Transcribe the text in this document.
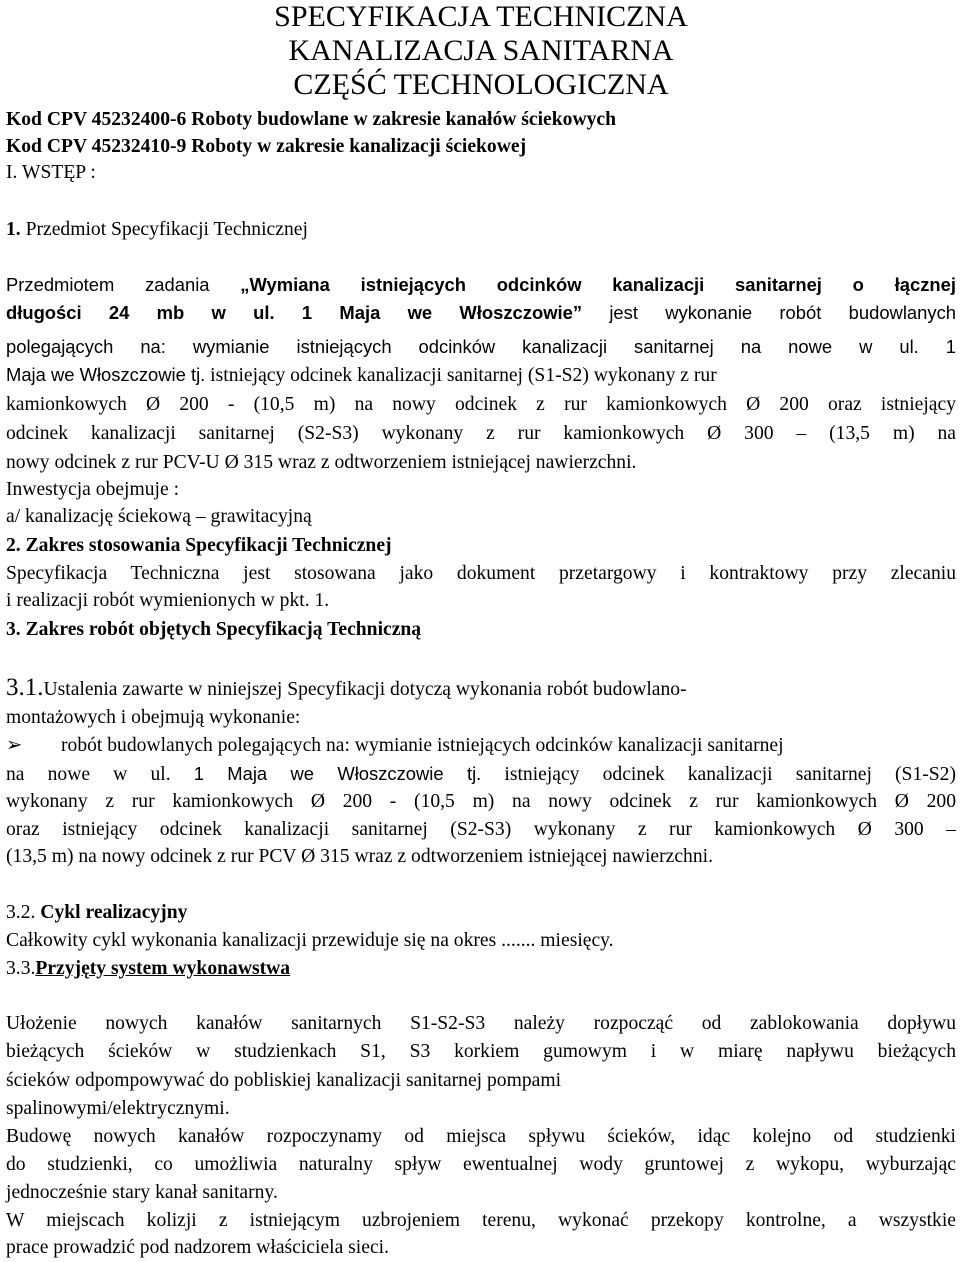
SPECYFIKACJA TECHNICZNA
KANALIZACJA SANITARNA
CZĘŚĆ TECHNOLOGICZNA
Kod CPV 45232400-6 Roboty budowlane w zakresie kanałów ściekowych
Kod CPV 45232410-9 Roboty w zakresie kanalizacji ściekowej
I. WSTĘP :
1. Przedmiot Specyfikacji Technicznej
Przedmiotem zadania „Wymiana istniejących odcinków kanalizacji sanitarnej o łącznej
długości 24 mb w ul. 1 Maja we Włoszczowie” jest wykonanie robót budowlanych
polegających na: wymianie istniejących odcinków kanalizacji sanitarnej na nowe w ul. 1
Maja we Włoszczowie tj. istniejący odcinek kanalizacji sanitarnej (S1-S2) wykonany z rur
kamionkowych Ø 200 - (10,5 m) na nowy odcinek z rur kamionkowych Ø 200 oraz istniejący
odcinek kanalizacji sanitarnej (S2-S3) wykonany z rur kamionkowych Ø 300 – (13,5 m) na
nowy odcinek z rur PCV-U Ø 315 wraz z odtworzeniem istniejącej nawierzchni.
Inwestycja obejmuje :
a/ kanalizację ściekową – grawitacyjną
2. Zakres stosowania Specyfikacji Technicznej
Specyfikacja Techniczna jest stosowana jako dokument przetargowy i kontraktowy przy zlecaniu
i realizacji robót wymienionych w pkt. 1.
3. Zakres robót objętych Specyfikacją Techniczną
3.1.Ustalenia zawarte w niniejszej Specyfikacji dotyczą wykonania robót budowlano-
montażowych i obejmują wykonanie:
➢ robót budowlanych polegających na: wymianie istniejących odcinków kanalizacji sanitarnej
na nowe w ul. 1 Maja we Włoszczowie tj. istniejący odcinek kanalizacji sanitarnej (S1-S2)
wykonany z rur kamionkowych Ø 200 - (10,5 m) na nowy odcinek z rur kamionkowych Ø 200
oraz istniejący odcinek kanalizacji sanitarnej (S2-S3) wykonany z rur kamionkowych Ø 300 –
(13,5 m) na nowy odcinek z rur PCV Ø 315 wraz z odtworzeniem istniejącej nawierzchni.
3.2. Cykl realizacyjny
Całkowity cykl wykonania kanalizacji przewiduje się na okres ....... miesięcy.
3.3.Przyjęty system wykonawstwa
Ułożenie nowych kanałów sanitarnych S1-S2-S3 należy rozpocząć od zablokowania dopływu
bieżących ścieków w studzienkach S1, S3 korkiem gumowym i w miarę napływu bieżących
ścieków odpompowywać do pobliskiej kanalizacji sanitarnej pompami
spalinowymi/elektrycznymi.
Budowę nowych kanałów rozpoczynamy od miejsca spływu ścieków, idąc kolejno od studzienki
do studzienki, co umożliwia naturalny spływ ewentualnej wody gruntowej z wykopu, wyburzając
jednocześnie stary kanał sanitarny.
W miejscach kolizji z istniejącym uzbrojeniem terenu, wykonać przekopy kontrolne, a wszystkie
prace prowadzić pod nadzorem właściciela sieci.
